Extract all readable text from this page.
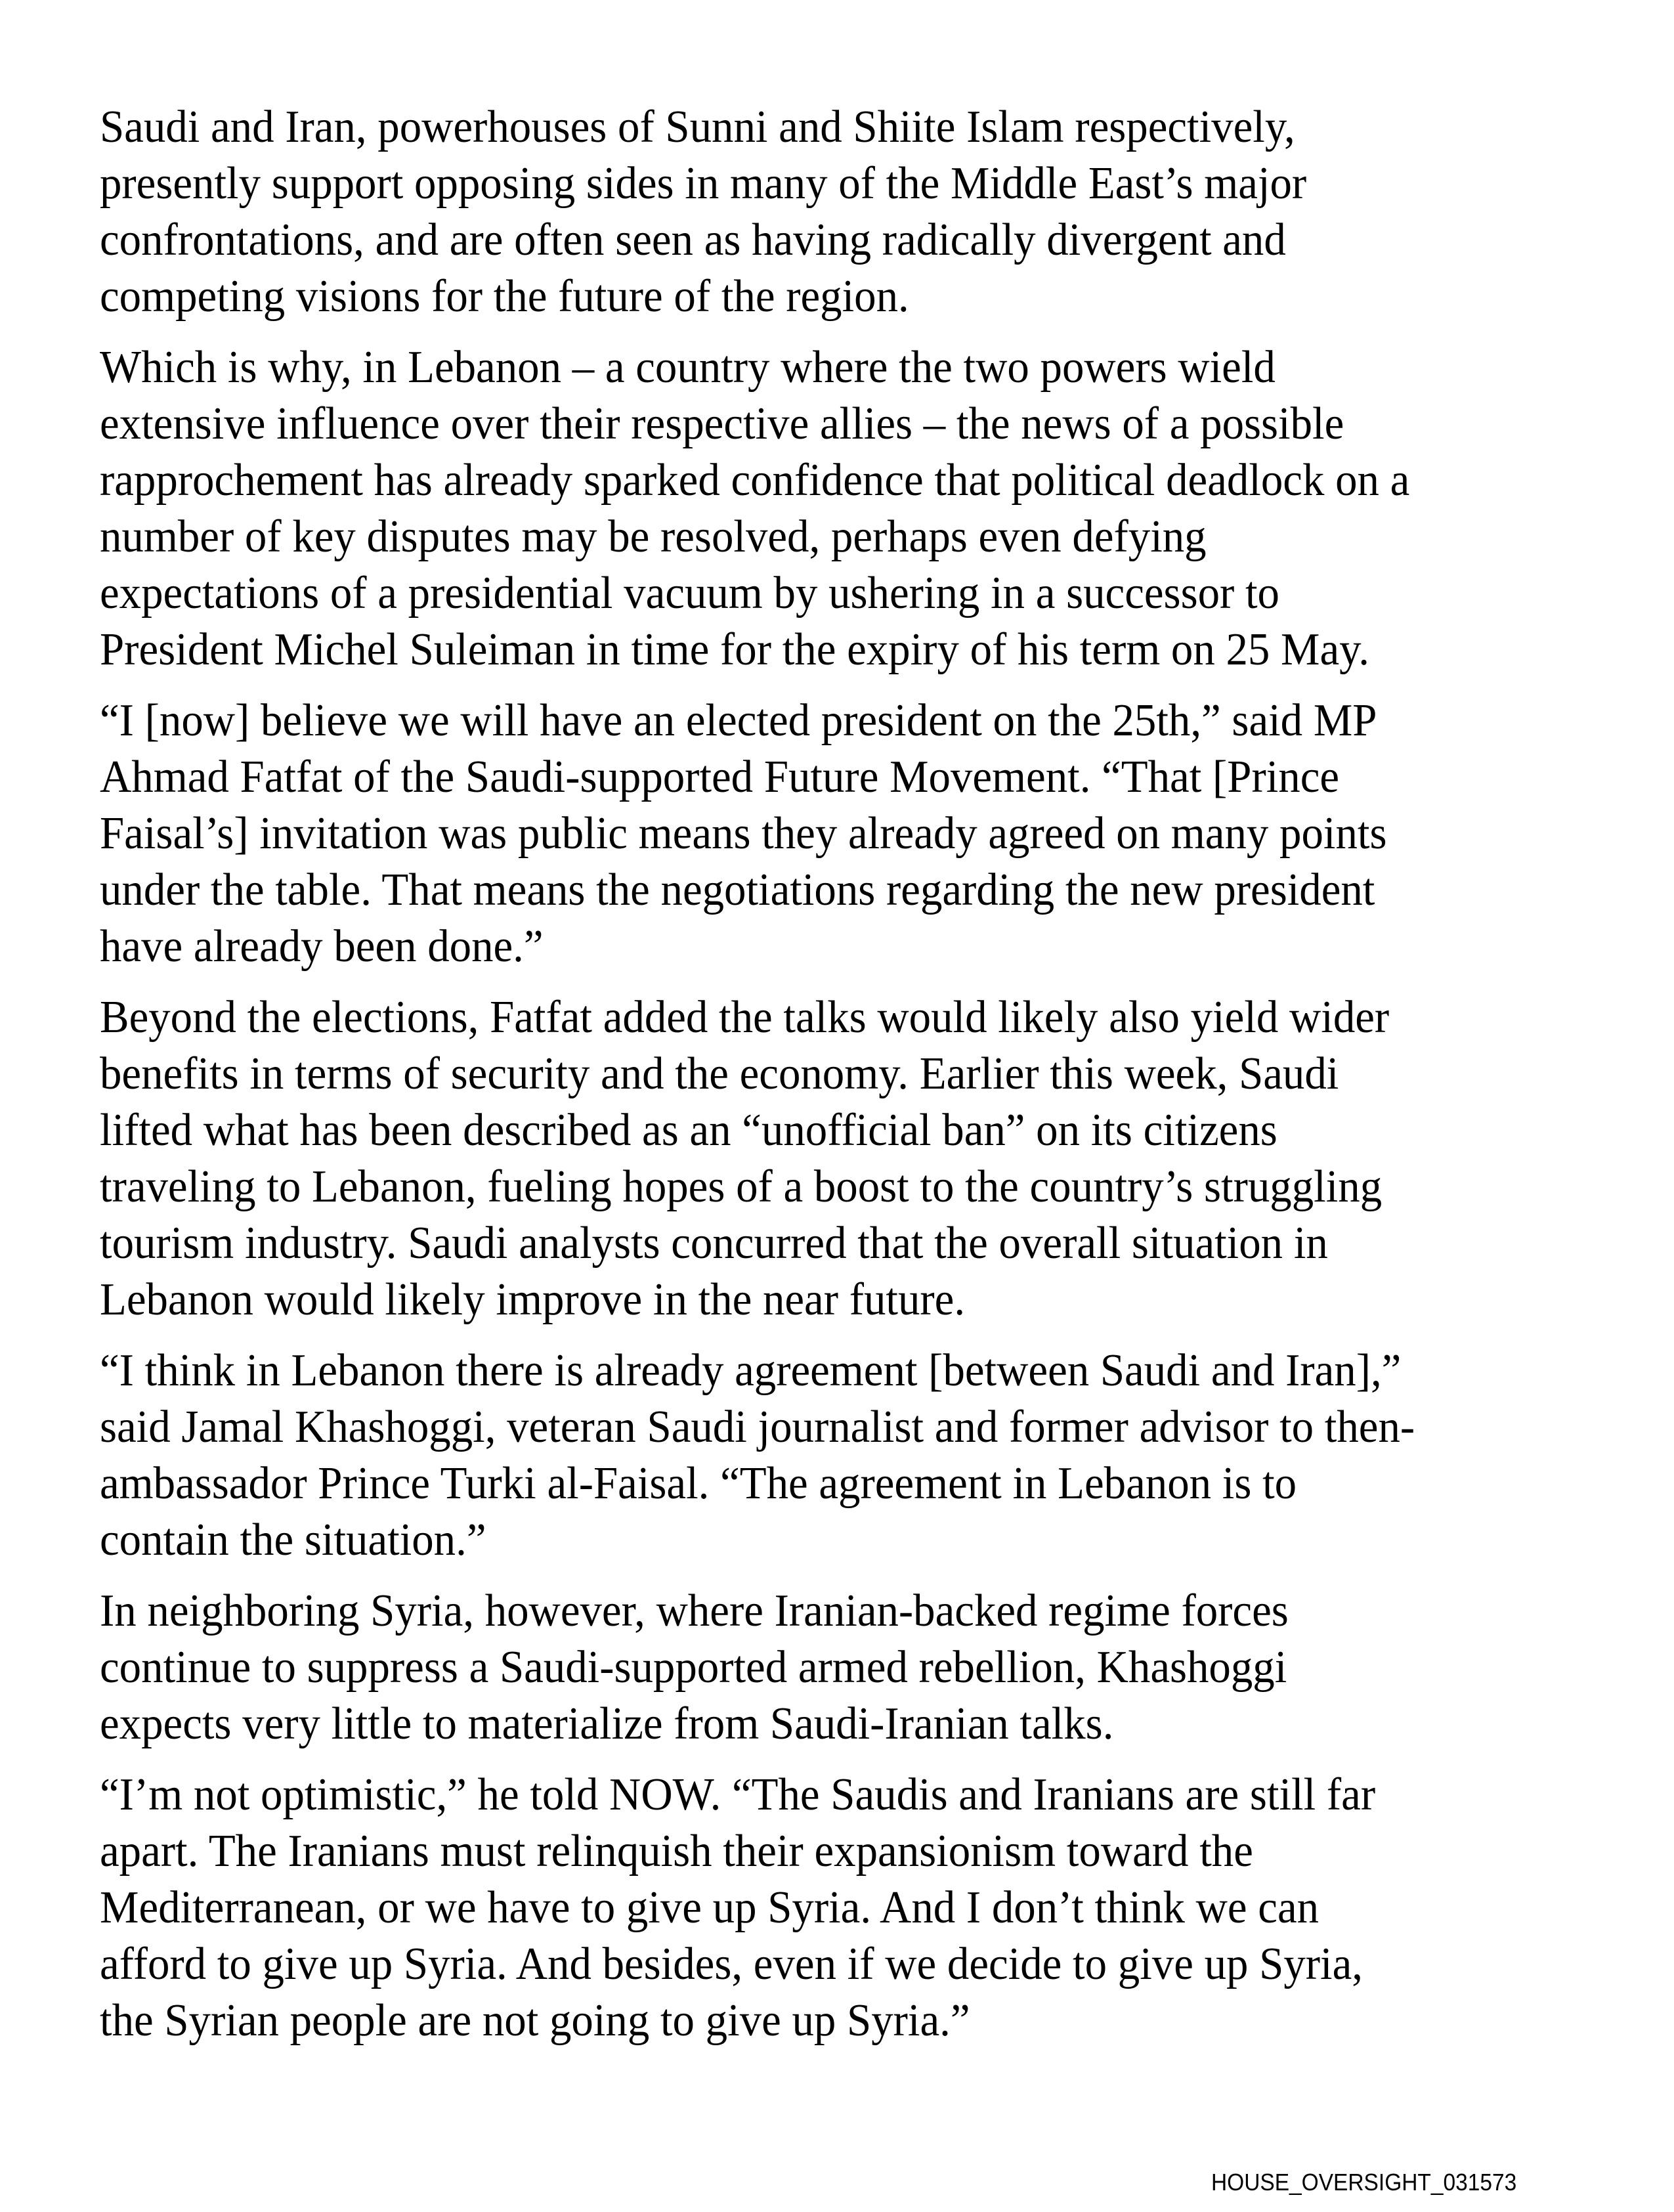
Saudi and Iran, powerhouses of Sunni and Shiite Islam respectively,
presently support opposing sides in many of the Middle East’s major
confrontations, and are often seen as having radically divergent and
competing visions for the future of the region.

Which is why, in Lebanon – a country where the two powers wield
extensive influence over their respective allies – the news of a possible
rapprochement has already sparked confidence that political deadlock on a
number of key disputes may be resolved, perhaps even defying
expectations of a presidential vacuum by ushering in a successor to
President Michel Suleiman in time for the expiry of his term on 25 May.

“I [now] believe we will have an elected president on the 25th,” said MP
Ahmad Fatfat of the Saudi-supported Future Movement. “That [Prince
Faisal’s] invitation was public means they already agreed on many points
under the table. That means the negotiations regarding the new president
have already been done.”

Beyond the elections, Fatfat added the talks would likely also yield wider
benefits in terms of security and the economy. Earlier this week, Saudi
lifted what has been described as an “unofficial ban” on its citizens
traveling to Lebanon, fueling hopes of a boost to the country’s struggling
tourism industry. Saudi analysts concurred that the overall situation in
Lebanon would likely improve in the near future.

“I think in Lebanon there is already agreement [between Saudi and Iran],”
said Jamal Khashoggi, veteran Saudi journalist and former advisor to then-
ambassador Prince Turki al-Faisal. “The agreement in Lebanon is to
contain the situation.”

In neighboring Syria, however, where Iranian-backed regime forces
continue to suppress a Saudi-supported armed rebellion, Khashoggi
expects very little to materialize from Saudi-Iranian talks.

“I’m not optimistic,” he told NOW. “The Saudis and Iranians are still far
apart. The Iranians must relinquish their expansionism toward the
Mediterranean, or we have to give up Syria. And I don’t think we can
afford to give up Syria. And besides, even if we decide to give up Syria,
the Syrian people are not going to give up Syria.”

HOUSE_OVERSIGHT_031573
